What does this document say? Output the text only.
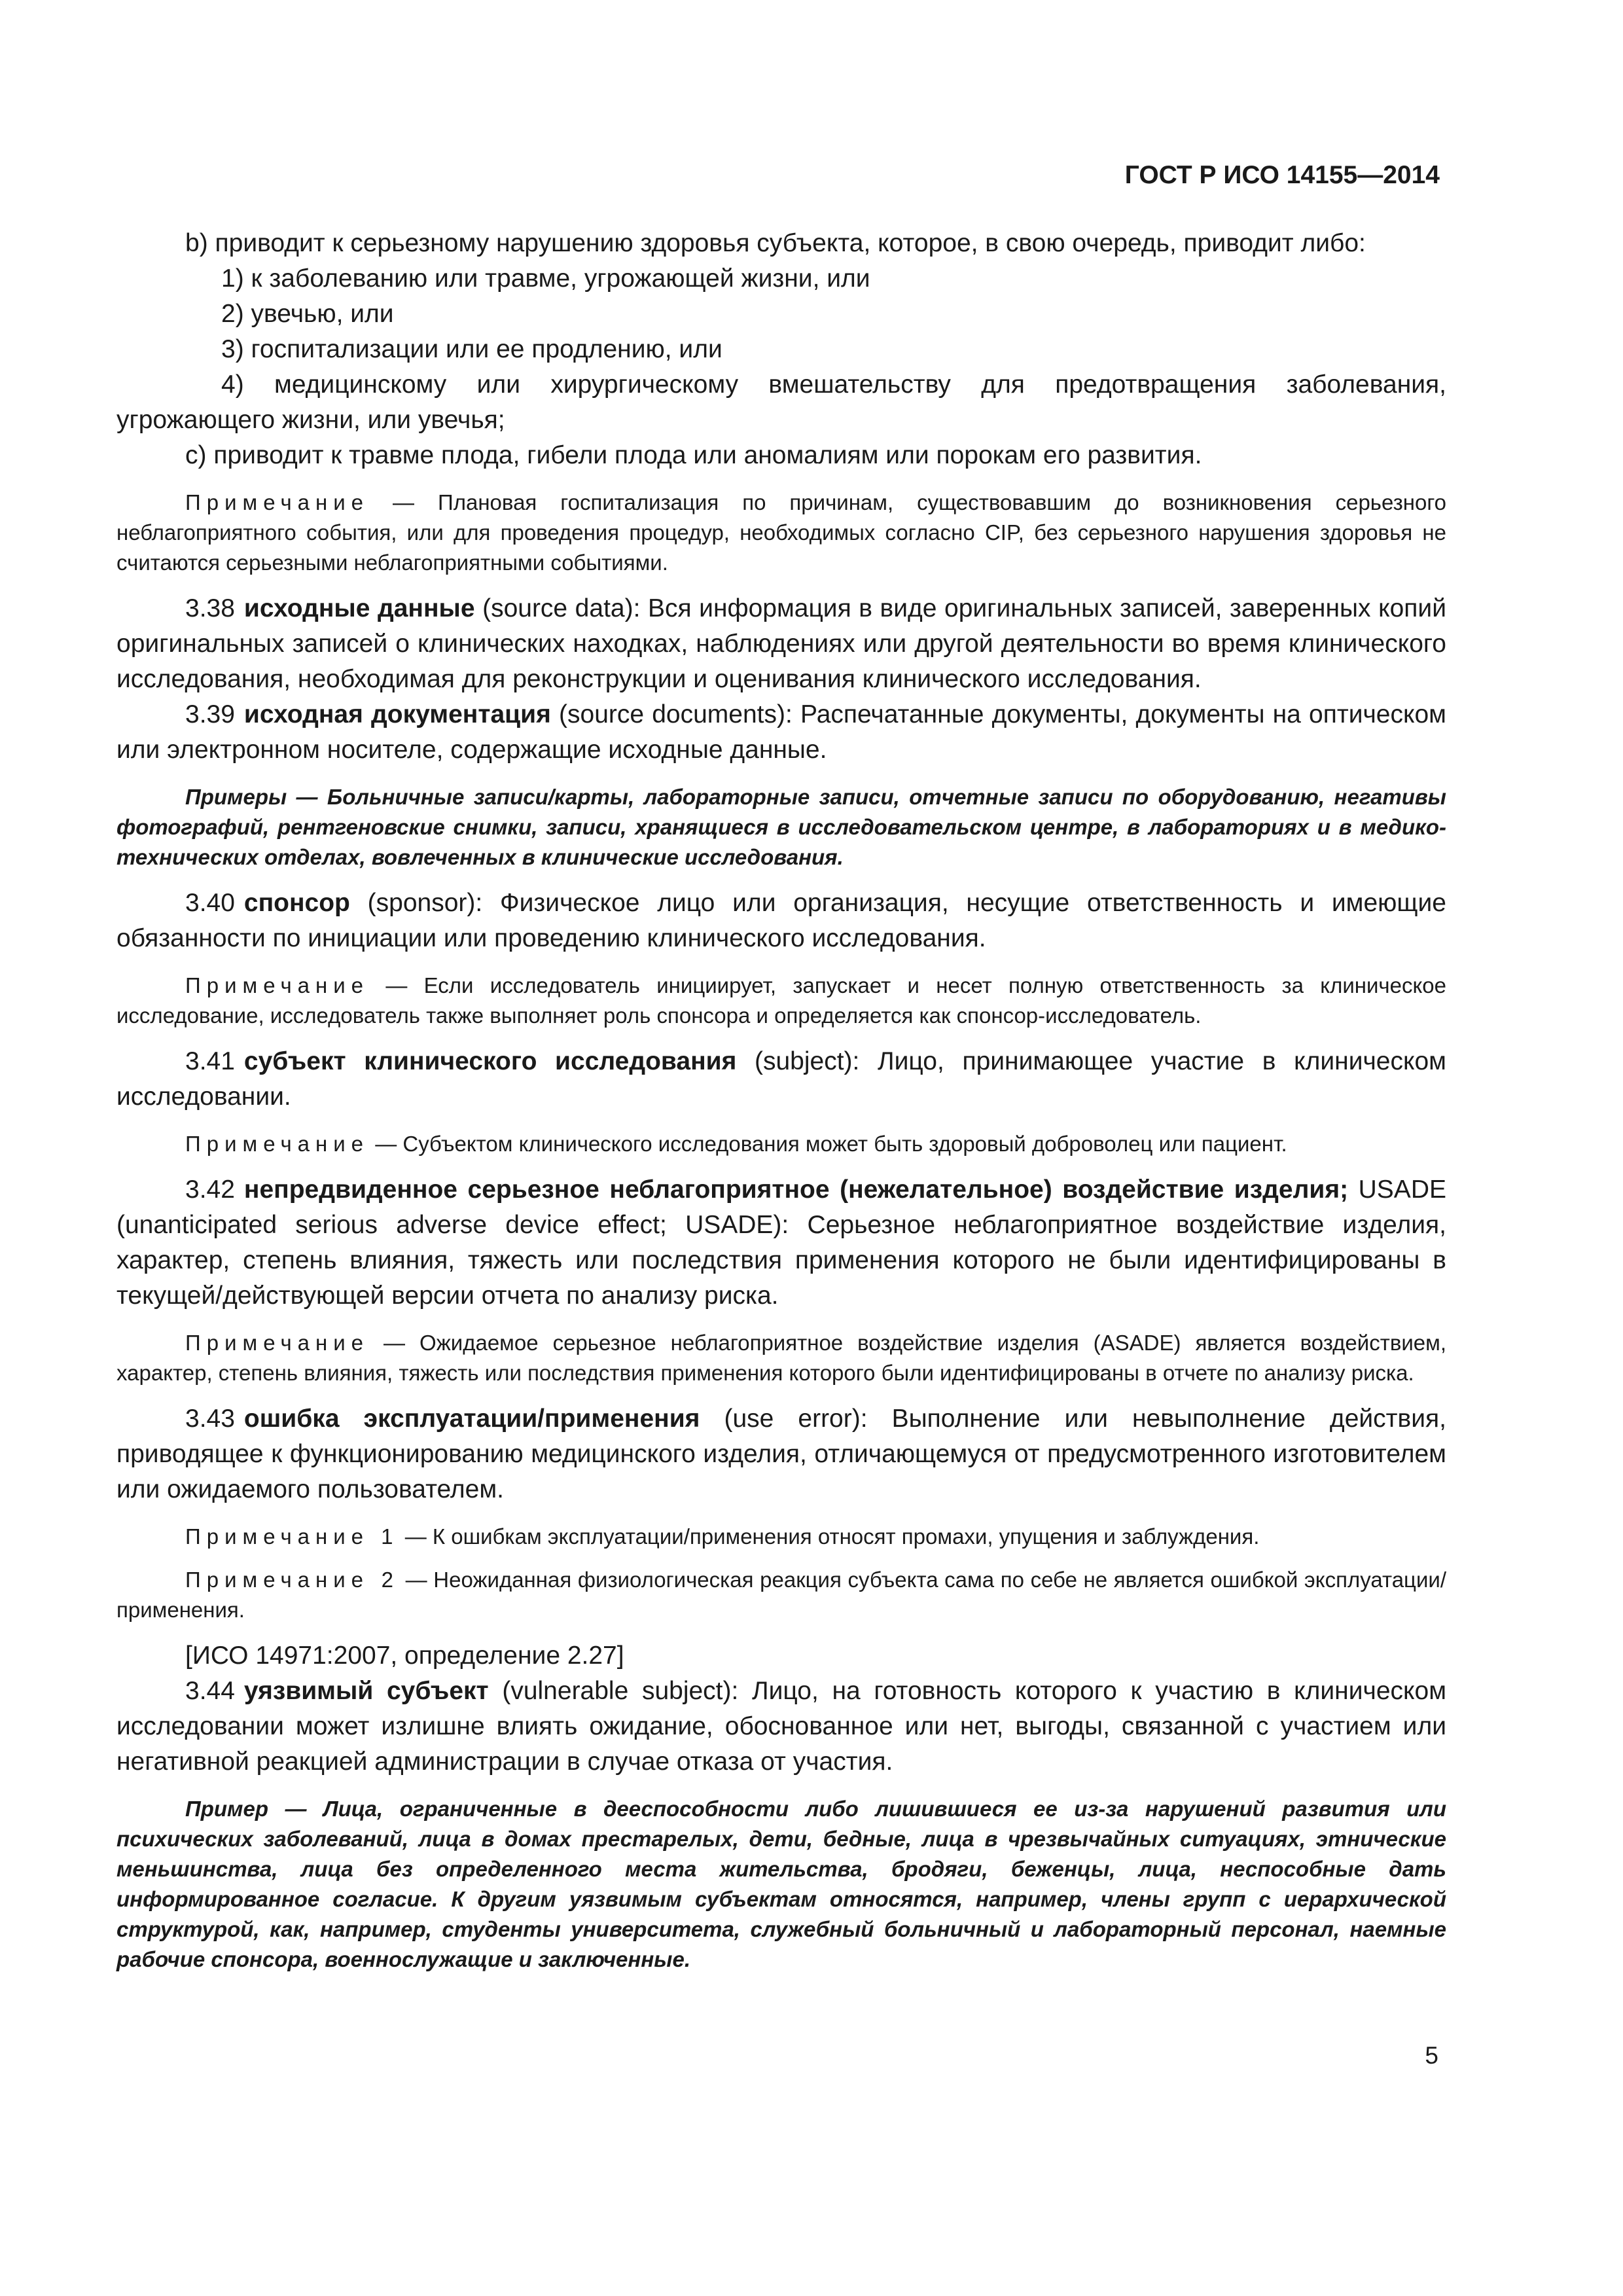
ГОСТ Р ИСО 14155—2014

b) приводит к серьезному нарушению здоровья субъекта, которое, в свою очередь, приводит либо:

1) к заболеванию или травме, угрожающей жизни, или

2) увечью, или

3) госпитализации или ее продлению, или

4) медицинскому или хирургическому вмешательству для предотвращения заболевания, угрожающего жизни, или увечья;

c) приводит к травме плода, гибели плода или аномалиям или порокам его развития.

Примечание — Плановая госпитализация по причинам, существовавшим до возникновения серьезного неблагоприятного события, или для проведения процедур, необходимых согласно CIP, без серьезного нарушения здоровья не считаются серьезными неблагоприятными событиями.

3.38 исходные данные (source data): Вся информация в виде оригинальных записей, заверенных копий оригинальных записей о клинических находках, наблюдениях или другой деятельности во время клинического исследования, необходимая для реконструкции и оценивания клинического исследования.

3.39 исходная документация (source documents): Распечатанные документы, документы на оптическом или электронном носителе, содержащие исходные данные.

Примеры — Больничные записи/карты, лабораторные записи, отчетные записи по оборудованию, негативы фотографий, рентгеновские снимки, записи, хранящиеся в исследовательском центре, в лабораториях и в медико-технических отделах, вовлеченных в клинические исследования.

3.40 спонсор (sponsor): Физическое лицо или организация, несущие ответственность и имеющие обязанности по инициации или проведению клинического исследования.

Примечание — Если исследователь инициирует, запускает и несет полную ответственность за клиническое исследование, исследователь также выполняет роль спонсора и определяется как спонсор-исследователь.

3.41 субъект клинического исследования (subject): Лицо, принимающее участие в клиническом исследовании.

Примечание — Субъектом клинического исследования может быть здоровый доброволец или пациент.

3.42 непредвиденное серьезное неблагоприятное (нежелательное) воздействие изделия; USADE (unanticipated serious adverse device effect; USADE): Серьезное неблагоприятное воздействие изделия, характер, степень влияния, тяжесть или последствия применения которого не были идентифицированы в текущей/действующей версии отчета по анализу риска.

Примечание — Ожидаемое серьезное неблагоприятное воздействие изделия (ASADE) является воздействием, характер, степень влияния, тяжесть или последствия применения которого были идентифицированы в отчете по анализу риска.

3.43 ошибка эксплуатации/применения (use error): Выполнение или невыполнение действия, приводящее к функционированию медицинского изделия, отличающемуся от предусмотренного изготовителем или ожидаемого пользователем.

Примечание 1 — К ошибкам эксплуатации/применения относят промахи, упущения и заблуждения.

Примечание 2 — Неожиданная физиологическая реакция субъекта сама по себе не является ошибкой эксплуатации/применения.

[ИСО 14971:2007, определение 2.27]

3.44 уязвимый субъект (vulnerable subject): Лицо, на готовность которого к участию в клиническом исследовании может излишне влиять ожидание, обоснованное или нет, выгоды, связанной с участием или негативной реакцией администрации в случае отказа от участия.

Пример — Лица, ограниченные в дееспособности либо лишившиеся ее из-за нарушений развития или психических заболеваний, лица в домах престарелых, дети, бедные, лица в чрезвычайных ситуациях, этнические меньшинства, лица без определенного места жительства, бродяги, беженцы, лица, неспособные дать информированное согласие. К другим уязвимым субъектам относятся, например, члены групп с иерархической структурой, как, например, студенты университета, служебный больничный и лабораторный персонал, наемные рабочие спонсора, военнослужащие и заключенные.

5
